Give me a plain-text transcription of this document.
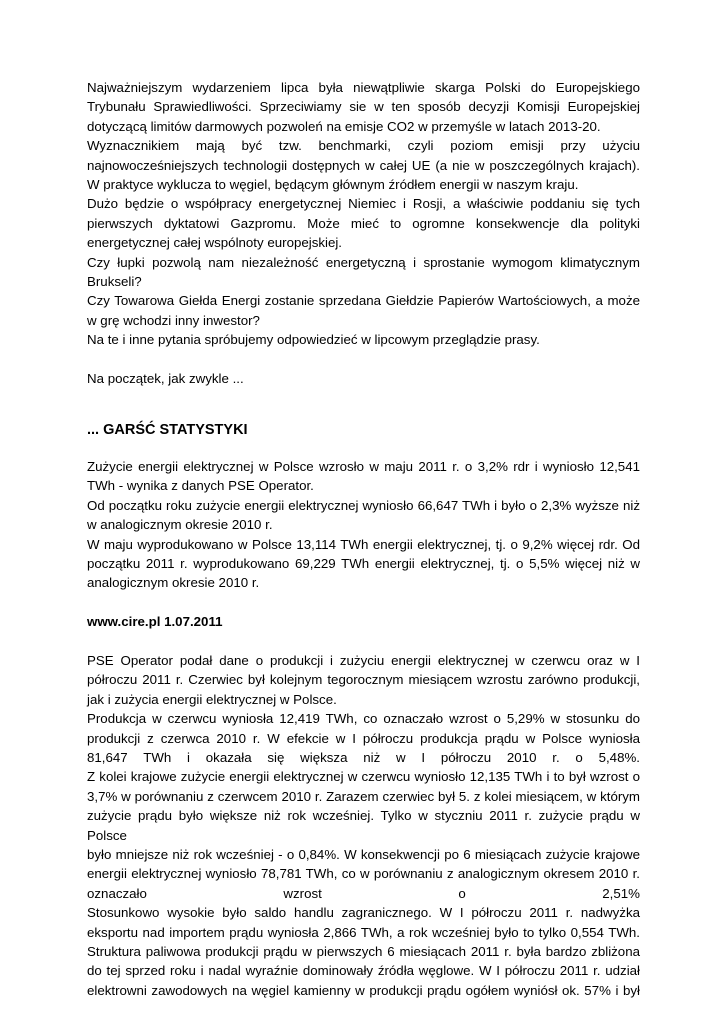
Najważniejszym wydarzeniem lipca była niewątpliwie skarga Polski do Europejskiego
Trybunału Sprawiedliwości. Sprzeciwiamy sie w ten sposób decyzji Komisji Europejskiej
dotyczącą limitów darmowych pozwoleń na emisje CO2 w przemyśle w latach 2013-20.
Wyznacznikiem mają być tzw. benchmarki, czyli poziom emisji przy użyciu
najnowocześniejszych technologii dostępnych w całej UE (a nie w poszczególnych krajach).
W praktyce wyklucza to węgiel, będącym głównym źródłem energii w naszym kraju.
Dużo będzie o współpracy energetycznej Niemiec i Rosji, a właściwie poddaniu się tych
pierwszych dyktatowi Gazpromu. Może mieć to ogromne konsekwencje dla polityki
energetycznej całej wspólnoty europejskiej.
Czy łupki pozwolą nam niezależność energetyczną i sprostanie wymogom klimatycznym
Brukseli?
Czy Towarowa Giełda Energi zostanie sprzedana Giełdzie Papierów Wartościowych, a może
w grę wchodzi inny inwestor?
Na te i inne pytania spróbujemy odpowiedzieć w lipcowym przeglądzie prasy.

Na początek, jak zwykle ...

... GARŚĆ STATYSTYKI
Zużycie energii elektrycznej w Polsce wzrosło w maju 2011 r. o 3,2% rdr i wyniosło 12,541
TWh - wynika z danych PSE Operator.
Od początku roku zużycie energii elektrycznej wyniosło 66,647 TWh i było o 2,3% wyższe niż
w analogicznym okresie 2010 r.
W maju wyprodukowano w Polsce 13,114 TWh energii elektrycznej, tj. o 9,2% więcej rdr. Od
początku 2011 r. wyprodukowano 69,229 TWh energii elektrycznej, tj. o 5,5% więcej niż w
analogicznym okresie 2010 r.

www.cire.pl 1.07.2011

PSE Operator podał dane o produkcji i zużyciu energii elektrycznej w czerwcu oraz w I
półroczu 2011 r. Czerwiec był kolejnym tegorocznym miesiącem wzrostu zarówno produkcji,
jak i zużycia energii elektrycznej w Polsce.
Produkcja w czerwcu wyniosła 12,419 TWh, co oznaczało wzrost o 5,29% w stosunku do
produkcji z czerwca 2010 r. W efekcie w I półroczu produkcja prądu w Polsce wyniosła
81,647 TWh i okazała się większa niż w I półroczu 2010 r. o 5,48%.
Z kolei krajowe zużycie energii elektrycznej w czerwcu wyniosło 12,135 TWh i to był wzrost o
3,7% w porównaniu z czerwcem 2010 r. Zarazem czerwiec był 5. z kolei miesiącem, w którym
zużycie prądu było większe niż rok wcześniej. Tylko w styczniu 2011 r. zużycie prądu w Polsce
było mniejsze niż rok wcześniej - o 0,84%. W konsekwencji po 6 miesiącach zużycie krajowe
energii elektrycznej wyniosło 78,781 TWh, co w porównaniu z analogicznym okresem 2010 r.
oznaczało wzrost o 2,51%
Stosunkowo wysokie było saldo handlu zagranicznego. W I półroczu 2011 r. nadwyżka
eksportu nad importem prądu wyniosła 2,866 TWh, a rok wcześniej było to tylko 0,554 TWh.
Struktura paliwowa produkcji prądu w pierwszych 6 miesiącach 2011 r. była bardzo zbliżona
do tej sprzed roku i nadal wyraźnie dominowały źródła węglowe. W I półroczu 2011 r. udział
elektrowni zawodowych na węgiel kamienny w produkcji prądu ogółem wyniósł ok. 57% i był
